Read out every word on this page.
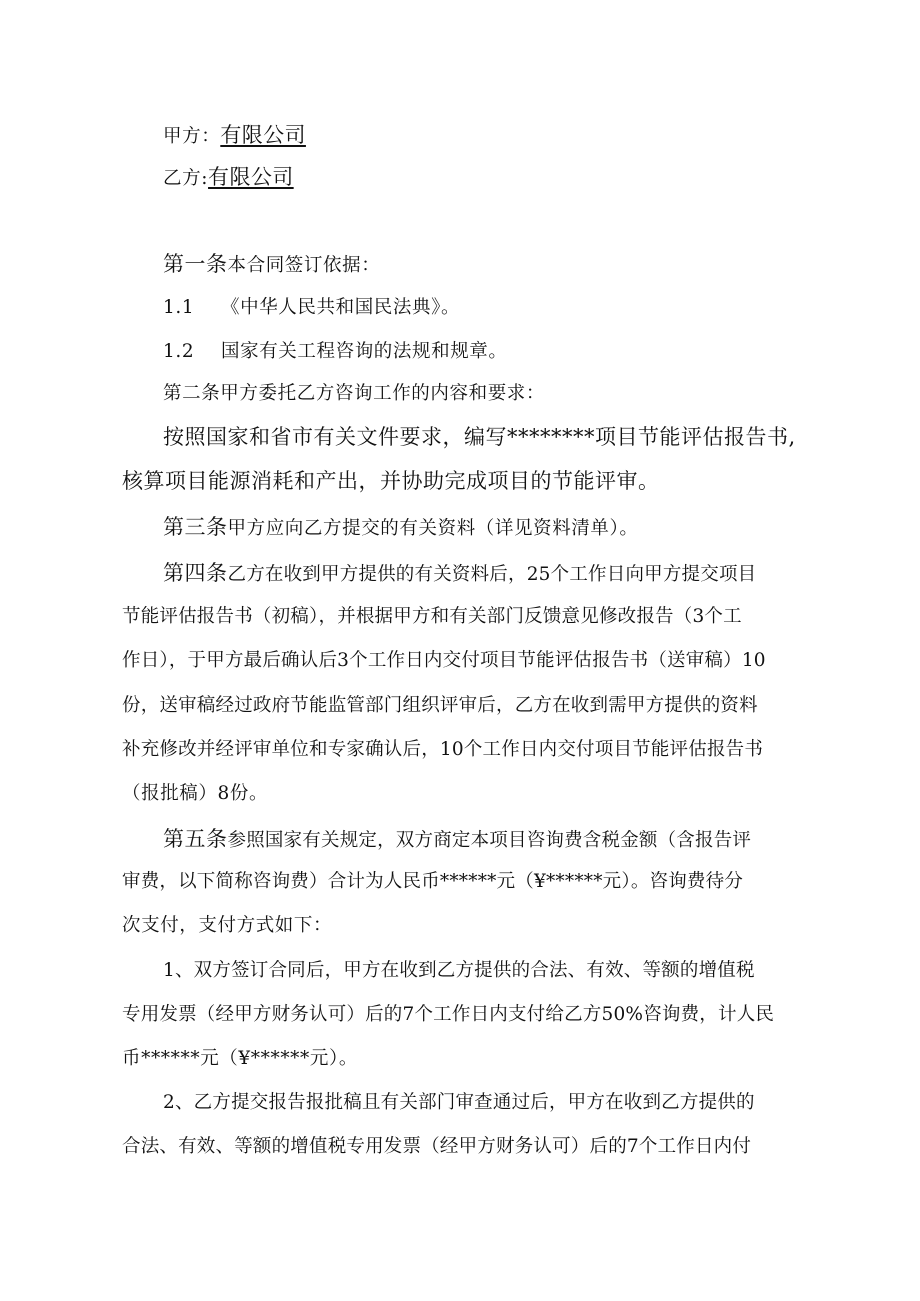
甲方：有限公司
乙方:有限公司
第一条本合同签订依据：
1.1 《中华人民共和国民法典》。
1.2 国家有关工程咨询的法规和规章。
第二条甲方委托乙方咨询工作的内容和要求：
按照国家和省市有关文件要求，编写********项目节能评估报告书,
核算项目能源消耗和产出，并协助完成项目的节能评审。
第三条甲方应向乙方提交的有关资料（详见资料清单）。
第四条乙方在收到甲方提供的有关资料后，25个工作日向甲方提交项目
节能评估报告书（初稿），并根据甲方和有关部门反馈意见修改报告（3个工
作日），于甲方最后确认后3个工作日内交付项目节能评估报告书（送审稿）10
份，送审稿经过政府节能监管部门组织评审后，乙方在收到需甲方提供的资料
补充修改并经评审单位和专家确认后，10个工作日内交付项目节能评估报告书
（报批稿）8份。
第五条参照国家有关规定，双方商定本项目咨询费含税金额（含报告评
审费，以下简称咨询费）合计为人民币******元（¥******元）。咨询费待分
次支付，支付方式如下：
1、双方签订合同后，甲方在收到乙方提供的合法、有效、等额的增值税
专用发票（经甲方财务认可）后的7个工作日内支付给乙方50%咨询费，计人民
币******元（¥******元）。
2、乙方提交报告报批稿且有关部门审查通过后，甲方在收到乙方提供的
合法、有效、等额的增值税专用发票（经甲方财务认可）后的7个工作日内付
